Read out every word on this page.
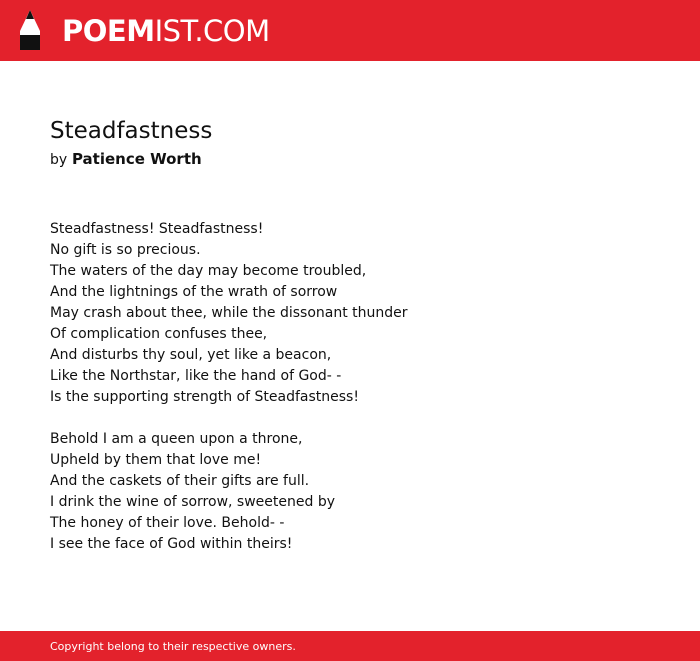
POEMIST.COM
Steadfastness
by Patience Worth
Steadfastness! Steadfastness!
No gift is so precious.
The waters of the day may become troubled,
And the lightnings of the wrath of sorrow
May crash about thee, while the dissonant thunder
Of complication confuses thee,
And disturbs thy soul, yet like a beacon,
Like the Northstar, like the hand of God- -
Is the supporting strength of Steadfastness!
Behold I am a queen upon a throne,
Upheld by them that love me!
And the caskets of their gifts are full.
I drink the wine of sorrow, sweetened by
The honey of their love. Behold- -
I see the face of God within theirs!
Copyright belong to their respective owners.
